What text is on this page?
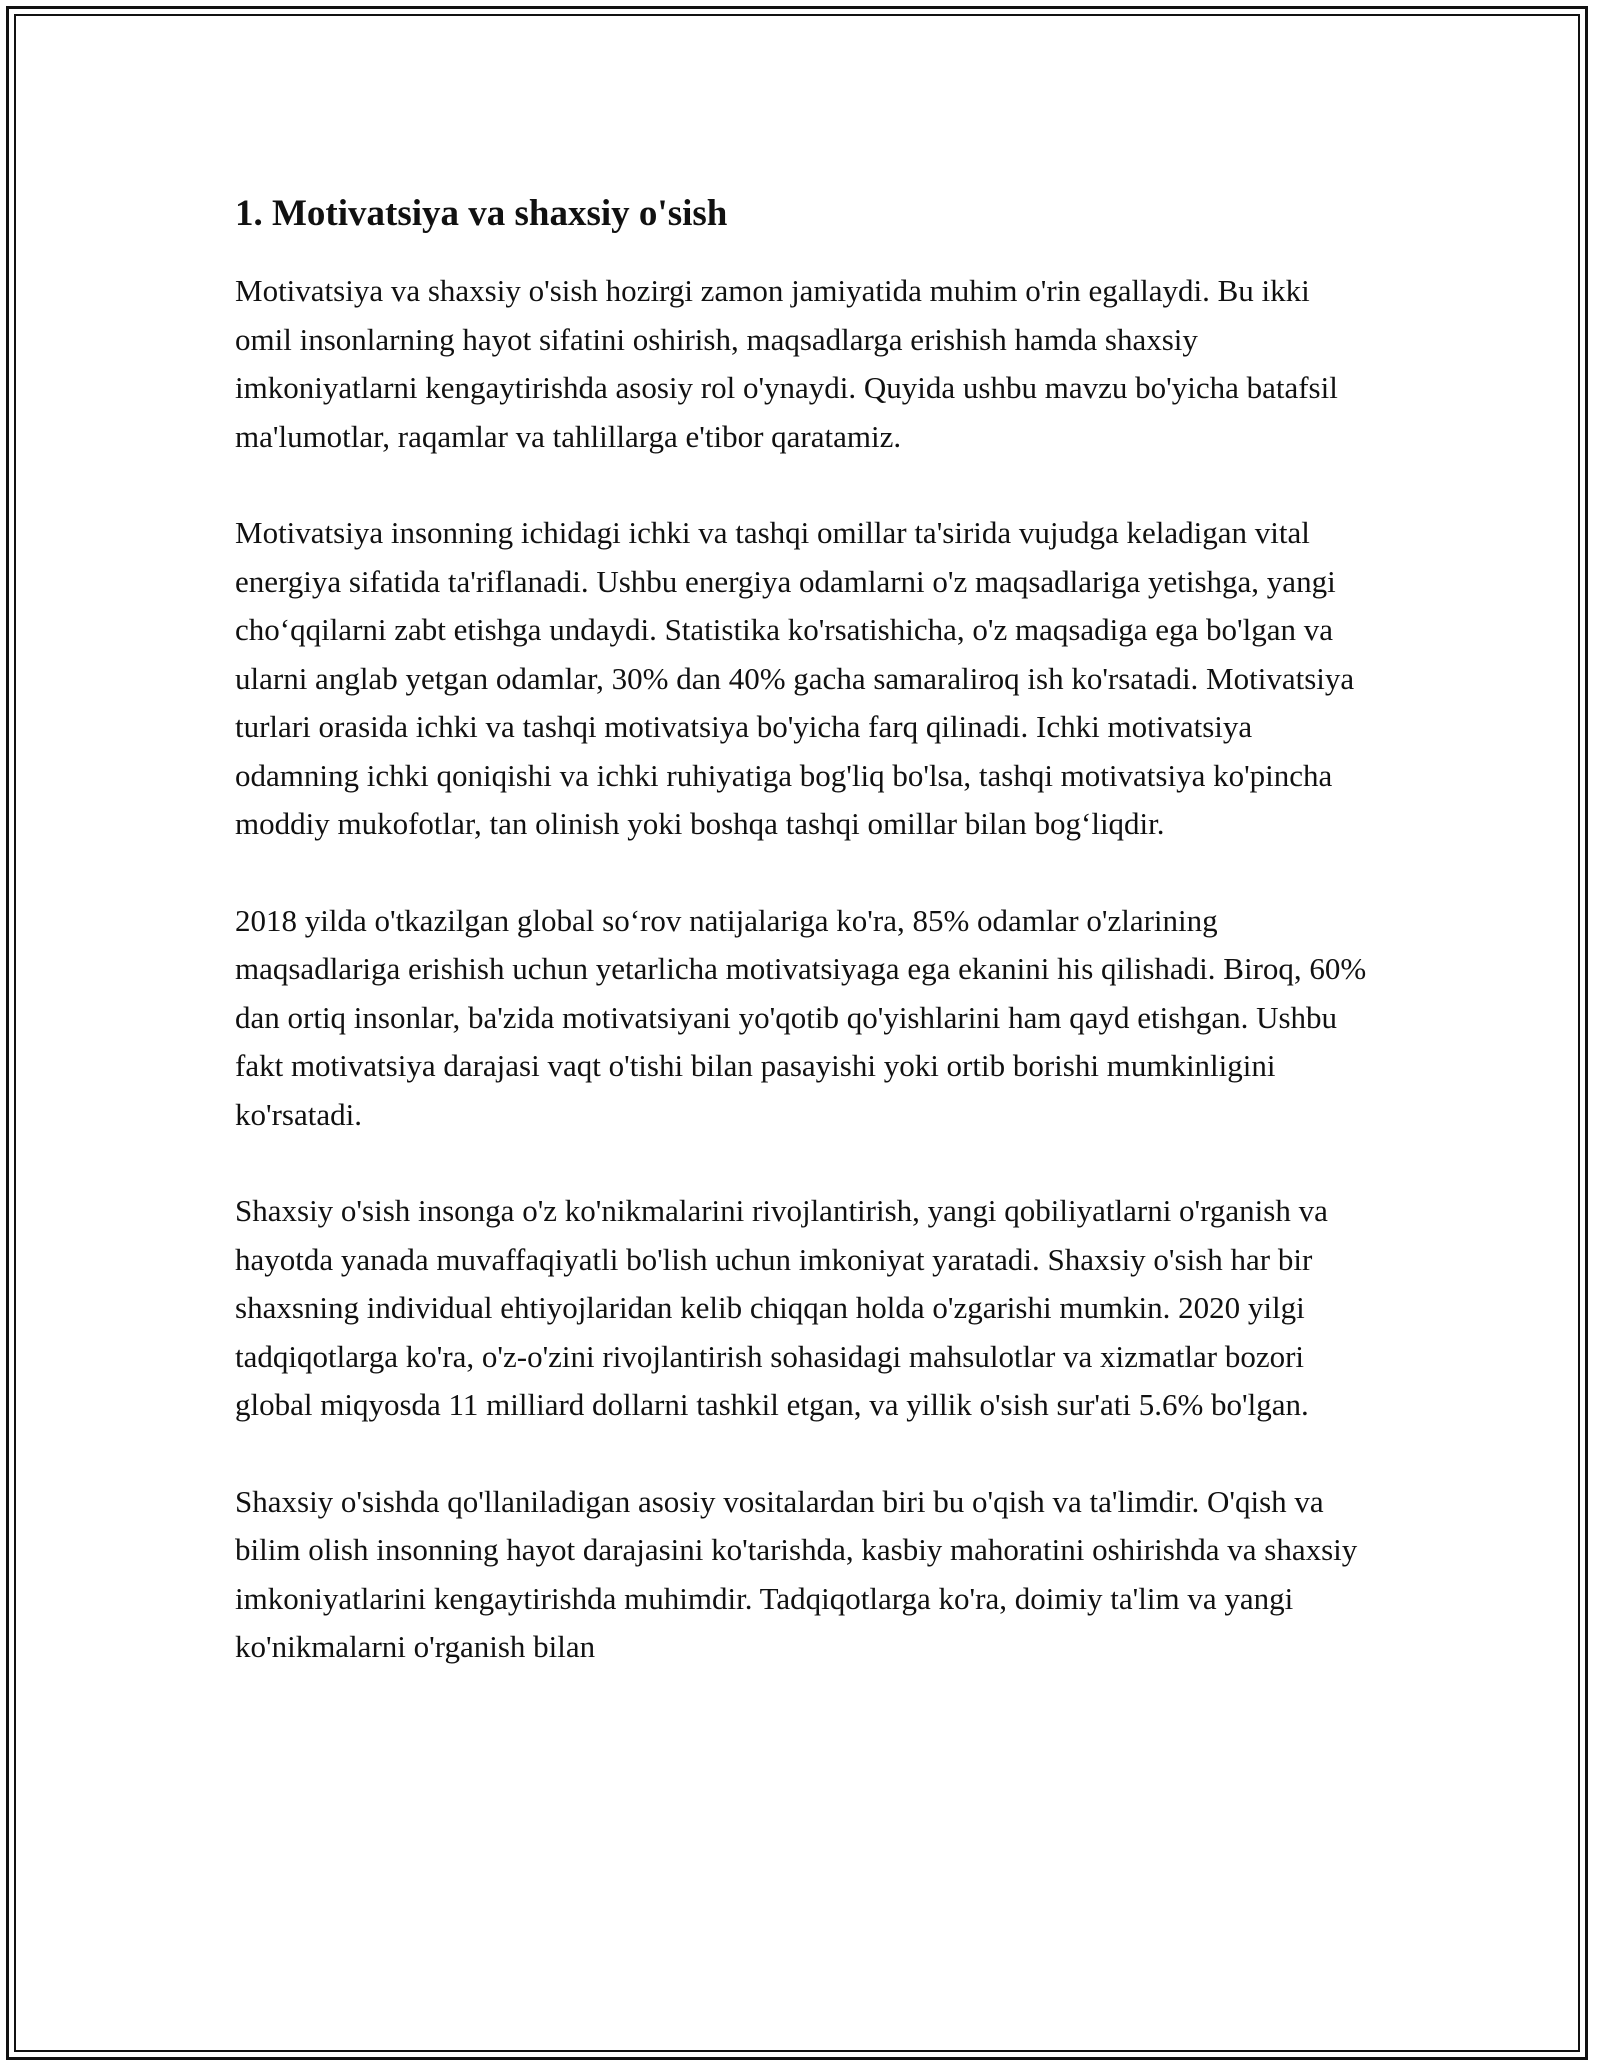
1. Motivatsiya va shaxsiy o'sish

Motivatsiya va shaxsiy o'sish hozirgi zamon jamiyatida muhim o'rin egallaydi. Bu ikki omil insonlarning hayot sifatini oshirish, maqsadlarga erishish hamda shaxsiy imkoniyatlarni kengaytirishda asosiy rol o'ynaydi. Quyida ushbu mavzu bo'yicha batafsil ma'lumotlar, raqamlar va tahlillarga e'tibor qaratamiz.

Motivatsiya insonning ichidagi ichki va tashqi omillar ta'sirida vujudga keladigan vital energiya sifatida ta'riflanadi. Ushbu energiya odamlarni o'z maqsadlariga yetishga, yangi cho‘qqilarni zabt etishga undaydi. Statistika ko'rsatishicha, o'z maqsadiga ega bo'lgan va ularni anglab yetgan odamlar, 30% dan 40% gacha samaraliroq ish ko'rsatadi. Motivatsiya turlari orasida ichki va tashqi motivatsiya bo'yicha farq qilinadi. Ichki motivatsiya odamning ichki qoniqishi va ichki ruhiyatiga bog'liq bo'lsa, tashqi motivatsiya ko'pincha moddiy mukofotlar, tan olinish yoki boshqa tashqi omillar bilan bog‘liqdir.

2018 yilda o'tkazilgan global so‘rov natijalariga ko'ra, 85% odamlar o'zlarining maqsadlariga erishish uchun yetarlicha motivatsiyaga ega ekanini his qilishadi. Biroq, 60% dan ortiq insonlar, ba'zida motivatsiyani yo'qotib qo'yishlarini ham qayd etishgan. Ushbu fakt motivatsiya darajasi vaqt o'tishi bilan pasayishi yoki ortib borishi mumkinligini ko'rsatadi.

Shaxsiy o'sish insonga o'z ko'nikmalarini rivojlantirish, yangi qobiliyatlarni o'rganish va hayotda yanada muvaffaqiyatli bo'lish uchun imkoniyat yaratadi. Shaxsiy o'sish har bir shaxsning individual ehtiyojlaridan kelib chiqqan holda o'zgarishi mumkin. 2020 yilgi tadqiqotlarga ko'ra, o'z-o'zini rivojlantirish sohasidagi mahsulotlar va xizmatlar bozori global miqyosda 11 milliard dollarni tashkil etgan, va yillik o'sish sur'ati 5.6% bo'lgan.

Shaxsiy o'sishda qo'llaniladigan asosiy vositalardan biri bu o'qish va ta'limdir. O'qish va bilim olish insonning hayot darajasini ko'tarishda, kasbiy mahoratini oshirishda va shaxsiy imkoniyatlarini kengaytirishda muhimdir. Tadqiqotlarga ko'ra, doimiy ta'lim va yangi ko'nikmalarni o'rganish bilan
